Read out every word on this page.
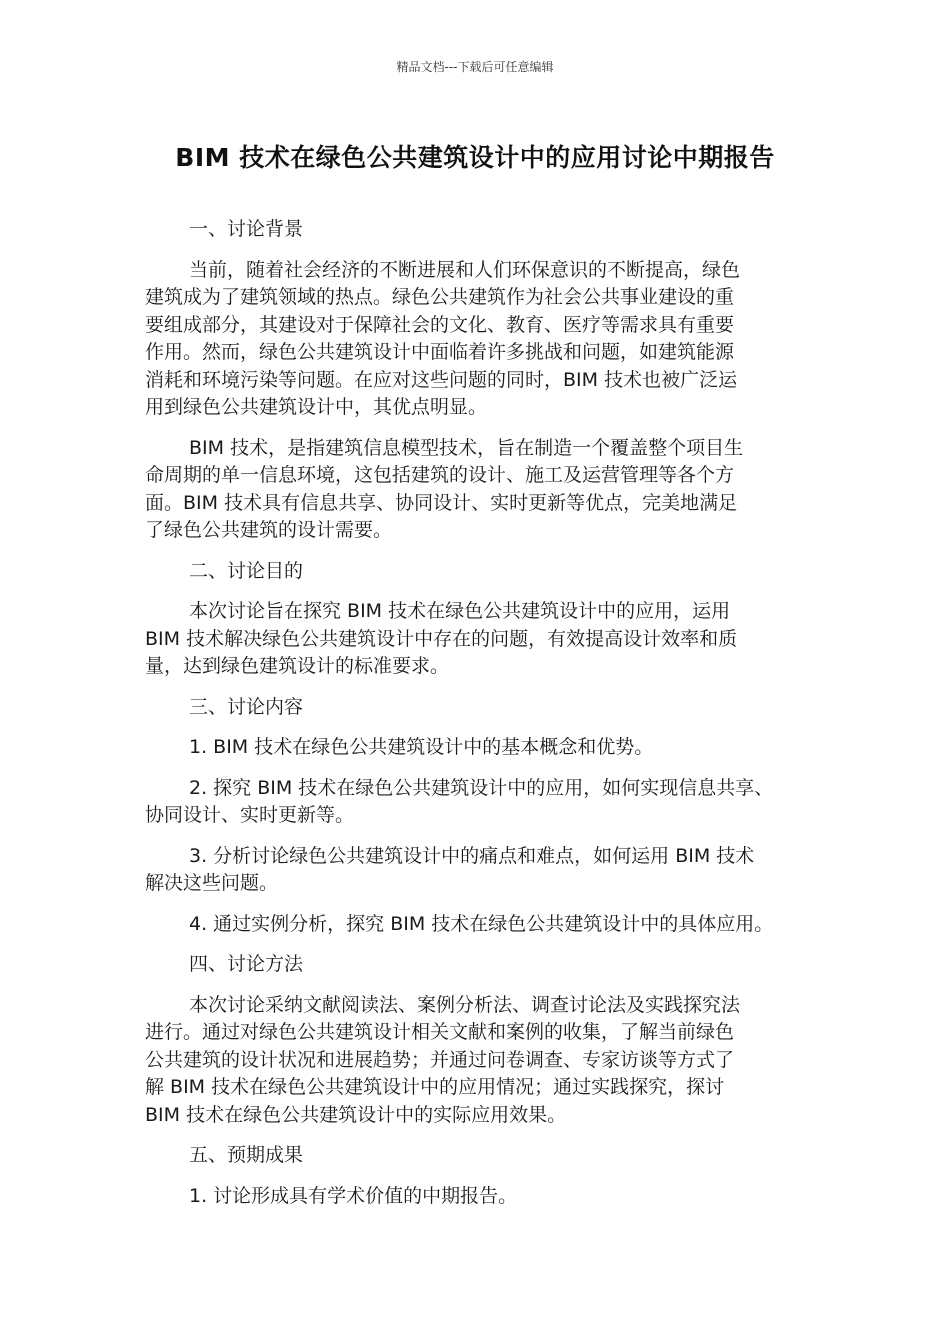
精品文档---下载后可任意编辑
BIM 技术在绿色公共建筑设计中的应用讨论中期报告
一、讨论背景
当前，随着社会经济的不断进展和人们环保意识的不断提高，绿色
建筑成为了建筑领域的热点。绿色公共建筑作为社会公共事业建设的重
要组成部分，其建设对于保障社会的文化、教育、医疗等需求具有重要
作用。然而，绿色公共建筑设计中面临着许多挑战和问题，如建筑能源
消耗和环境污染等问题。在应对这些问题的同时，BIM 技术也被广泛运
用到绿色公共建筑设计中，其优点明显。
BIM 技术，是指建筑信息模型技术，旨在制造一个覆盖整个项目生
命周期的单一信息环境，这包括建筑的设计、施工及运营管理等各个方
面。BIM 技术具有信息共享、协同设计、实时更新等优点，完美地满足
了绿色公共建筑的设计需要。
二、讨论目的
本次讨论旨在探究 BIM 技术在绿色公共建筑设计中的应用，运用
BIM 技术解决绿色公共建筑设计中存在的问题，有效提高设计效率和质
量，达到绿色建筑设计的标准要求。
三、讨论内容
1. BIM 技术在绿色公共建筑设计中的基本概念和优势。
2. 探究 BIM 技术在绿色公共建筑设计中的应用，如何实现信息共享、
协同设计、实时更新等。
3. 分析讨论绿色公共建筑设计中的痛点和难点，如何运用 BIM 技术
解决这些问题。
4. 通过实例分析，探究 BIM 技术在绿色公共建筑设计中的具体应用。
四、讨论方法
本次讨论采纳文献阅读法、案例分析法、调查讨论法及实践探究法
进行。通过对绿色公共建筑设计相关文献和案例的收集，了解当前绿色
公共建筑的设计状况和进展趋势；并通过问卷调查、专家访谈等方式了
解 BIM 技术在绿色公共建筑设计中的应用情况；通过实践探究，探讨
BIM 技术在绿色公共建筑设计中的实际应用效果。
五、预期成果
1. 讨论形成具有学术价值的中期报告。
